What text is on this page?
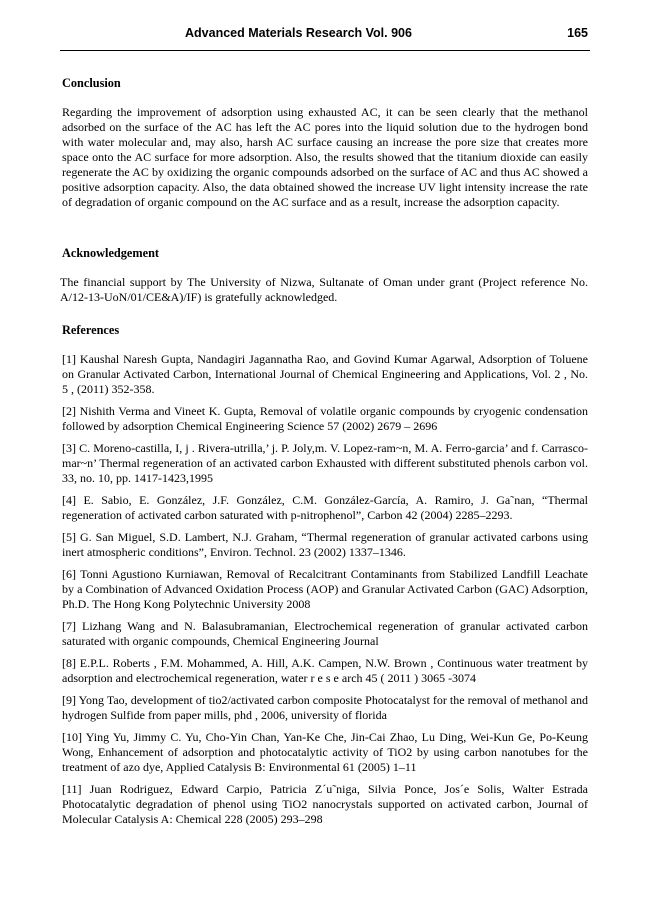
Advanced Materials Research Vol. 906	165

Conclusion

Regarding the improvement of adsorption using exhausted AC, it can be seen clearly that the methanol adsorbed on the surface of the AC has left the AC pores into the liquid solution due to the hydrogen bond with water molecular and, may also, harsh AC surface causing an increase the pore size that creates more space onto the AC surface for more adsorption. Also, the results showed that the titanium dioxide can easily regenerate the AC by oxidizing the organic compounds adsorbed on the surface of AC and thus AC showed a positive adsorption capacity. Also, the data obtained showed the increase UV light intensity increase the rate of degradation of organic compound on the AC surface and as a result, increase the adsorption capacity.

Acknowledgement

The financial support by The University of Nizwa, Sultanate of Oman under grant (Project reference No. A/12-13-UoN/01/CE&A)/IF) is gratefully acknowledged.

References

[1] Kaushal Naresh Gupta, Nandagiri Jagannatha Rao, and Govind Kumar Agarwal, Adsorption of Toluene on Granular Activated Carbon, International Journal of Chemical Engineering and Applications, Vol. 2 , No. 5 , (2011) 352-358.

[2] Nishith Verma and Vineet K. Gupta, Removal of volatile organic compounds by cryogenic condensation followed by adsorption Chemical Engineering Science 57 (2002) 2679 – 2696

[3] C. Moreno-castilla, I, j . Rivera-utrilla,’ j. P. Joly,m. V. Lopez-ram~n, M. A. Ferro-garcia’ and f. Carrasco-mar~n’ Thermal regeneration of an activated carbon Exhausted with different substituted phenols carbon vol. 33, no. 10, pp. 1417-1423,1995

[4] E. Sabio, E. González, J.F. González, C.M. González-García, A. Ramiro, J. Ga˜nan, “Thermal regeneration of activated carbon saturated with p-nitrophenol”, Carbon 42 (2004) 2285–2293.

[5] G. San Miguel, S.D. Lambert, N.J. Graham, “Thermal regeneration of granular activated carbons using inert atmospheric conditions”, Environ. Technol. 23 (2002) 1337–1346.

[6] Tonni Agustiono Kurniawan, Removal of Recalcitrant Contaminants from Stabilized Landfill Leachate by a Combination of Advanced Oxidation Process (AOP) and Granular Activated Carbon (GAC) Adsorption, Ph.D. The Hong Kong Polytechnic University 2008

[7] Lizhang Wang and N. Balasubramanian, Electrochemical regeneration of granular activated carbon saturated with organic compounds, Chemical Engineering Journal

[8] E.P.L. Roberts , F.M. Mohammed, A. Hill, A.K. Campen, N.W. Brown , Continuous water treatment by adsorption and electrochemical regeneration, water r e s e arch 45 ( 2011 ) 3065 -3074

[9] Yong Tao, development of tio2/activated carbon composite Photocatalyst for the removal of methanol and hydrogen Sulfide from paper mills, phd , 2006, university of florida

[10] Ying Yu, Jimmy C. Yu, Cho-Yin Chan, Yan-Ke Che, Jin-Cai Zhao, Lu Ding, Wei-Kun Ge, Po-Keung Wong, Enhancement of adsorption and photocatalytic activity of TiO2 by using carbon nanotubes for the treatment of azo dye, Applied Catalysis B: Environmental 61 (2005) 1–11

[11] Juan Rodriguez, Edward Carpio, Patricia Z´u˜niga, Silvia Ponce, Jos´e Solis, Walter Estrada Photocatalytic degradation of phenol using TiO2 nanocrystals supported on activated carbon, Journal of Molecular Catalysis A: Chemical 228 (2005) 293–298
